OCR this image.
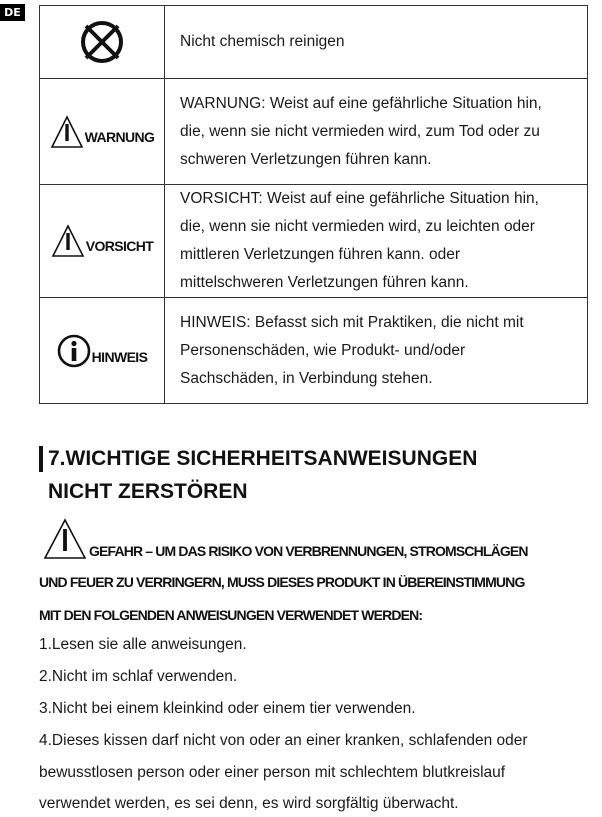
DE

Nicht chemisch reinigen

WARNUNG	WARNUNG: Weist auf eine gefährliche Situation hin,
die, wenn sie nicht vermieden wird, zum Tod oder zu
schweren Verletzungen führen kann.

VORSICHT	VORSICHT: Weist auf eine gefährliche Situation hin,
die, wenn sie nicht vermieden wird, zu leichten oder
mittleren Verletzungen führen kann. oder
mittelschweren Verletzungen führen kann.

HINWEIS	HINWEIS: Befasst sich mit Praktiken, die nicht mit
Personenschäden, wie Produkt- und/oder
Sachschäden, in Verbindung stehen.
7.WICHTIGE SICHERHEITSANWEISUNGEN
NICHT ZERSTÖREN
GEFAHR – UM DAS RISIKO VON VERBRENNUNGEN, STROMSCHLÄGEN
UND FEUER ZU VERRINGERN, MUSS DIESES PRODUKT IN ÜBEREINSTIMMUNG
MIT DEN FOLGENDEN ANWEISUNGEN VERWENDET WERDEN:
1.Lesen sie alle anweisungen.
2.Nicht im schlaf verwenden.
3.Nicht bei einem kleinkind oder einem tier verwenden.
4.Dieses kissen darf nicht von oder an einer kranken, schlafenden oder
bewusstlosen person oder einer person mit schlechtem blutkreislauf
verwendet werden, es sei denn, es wird sorgfältig überwacht.
